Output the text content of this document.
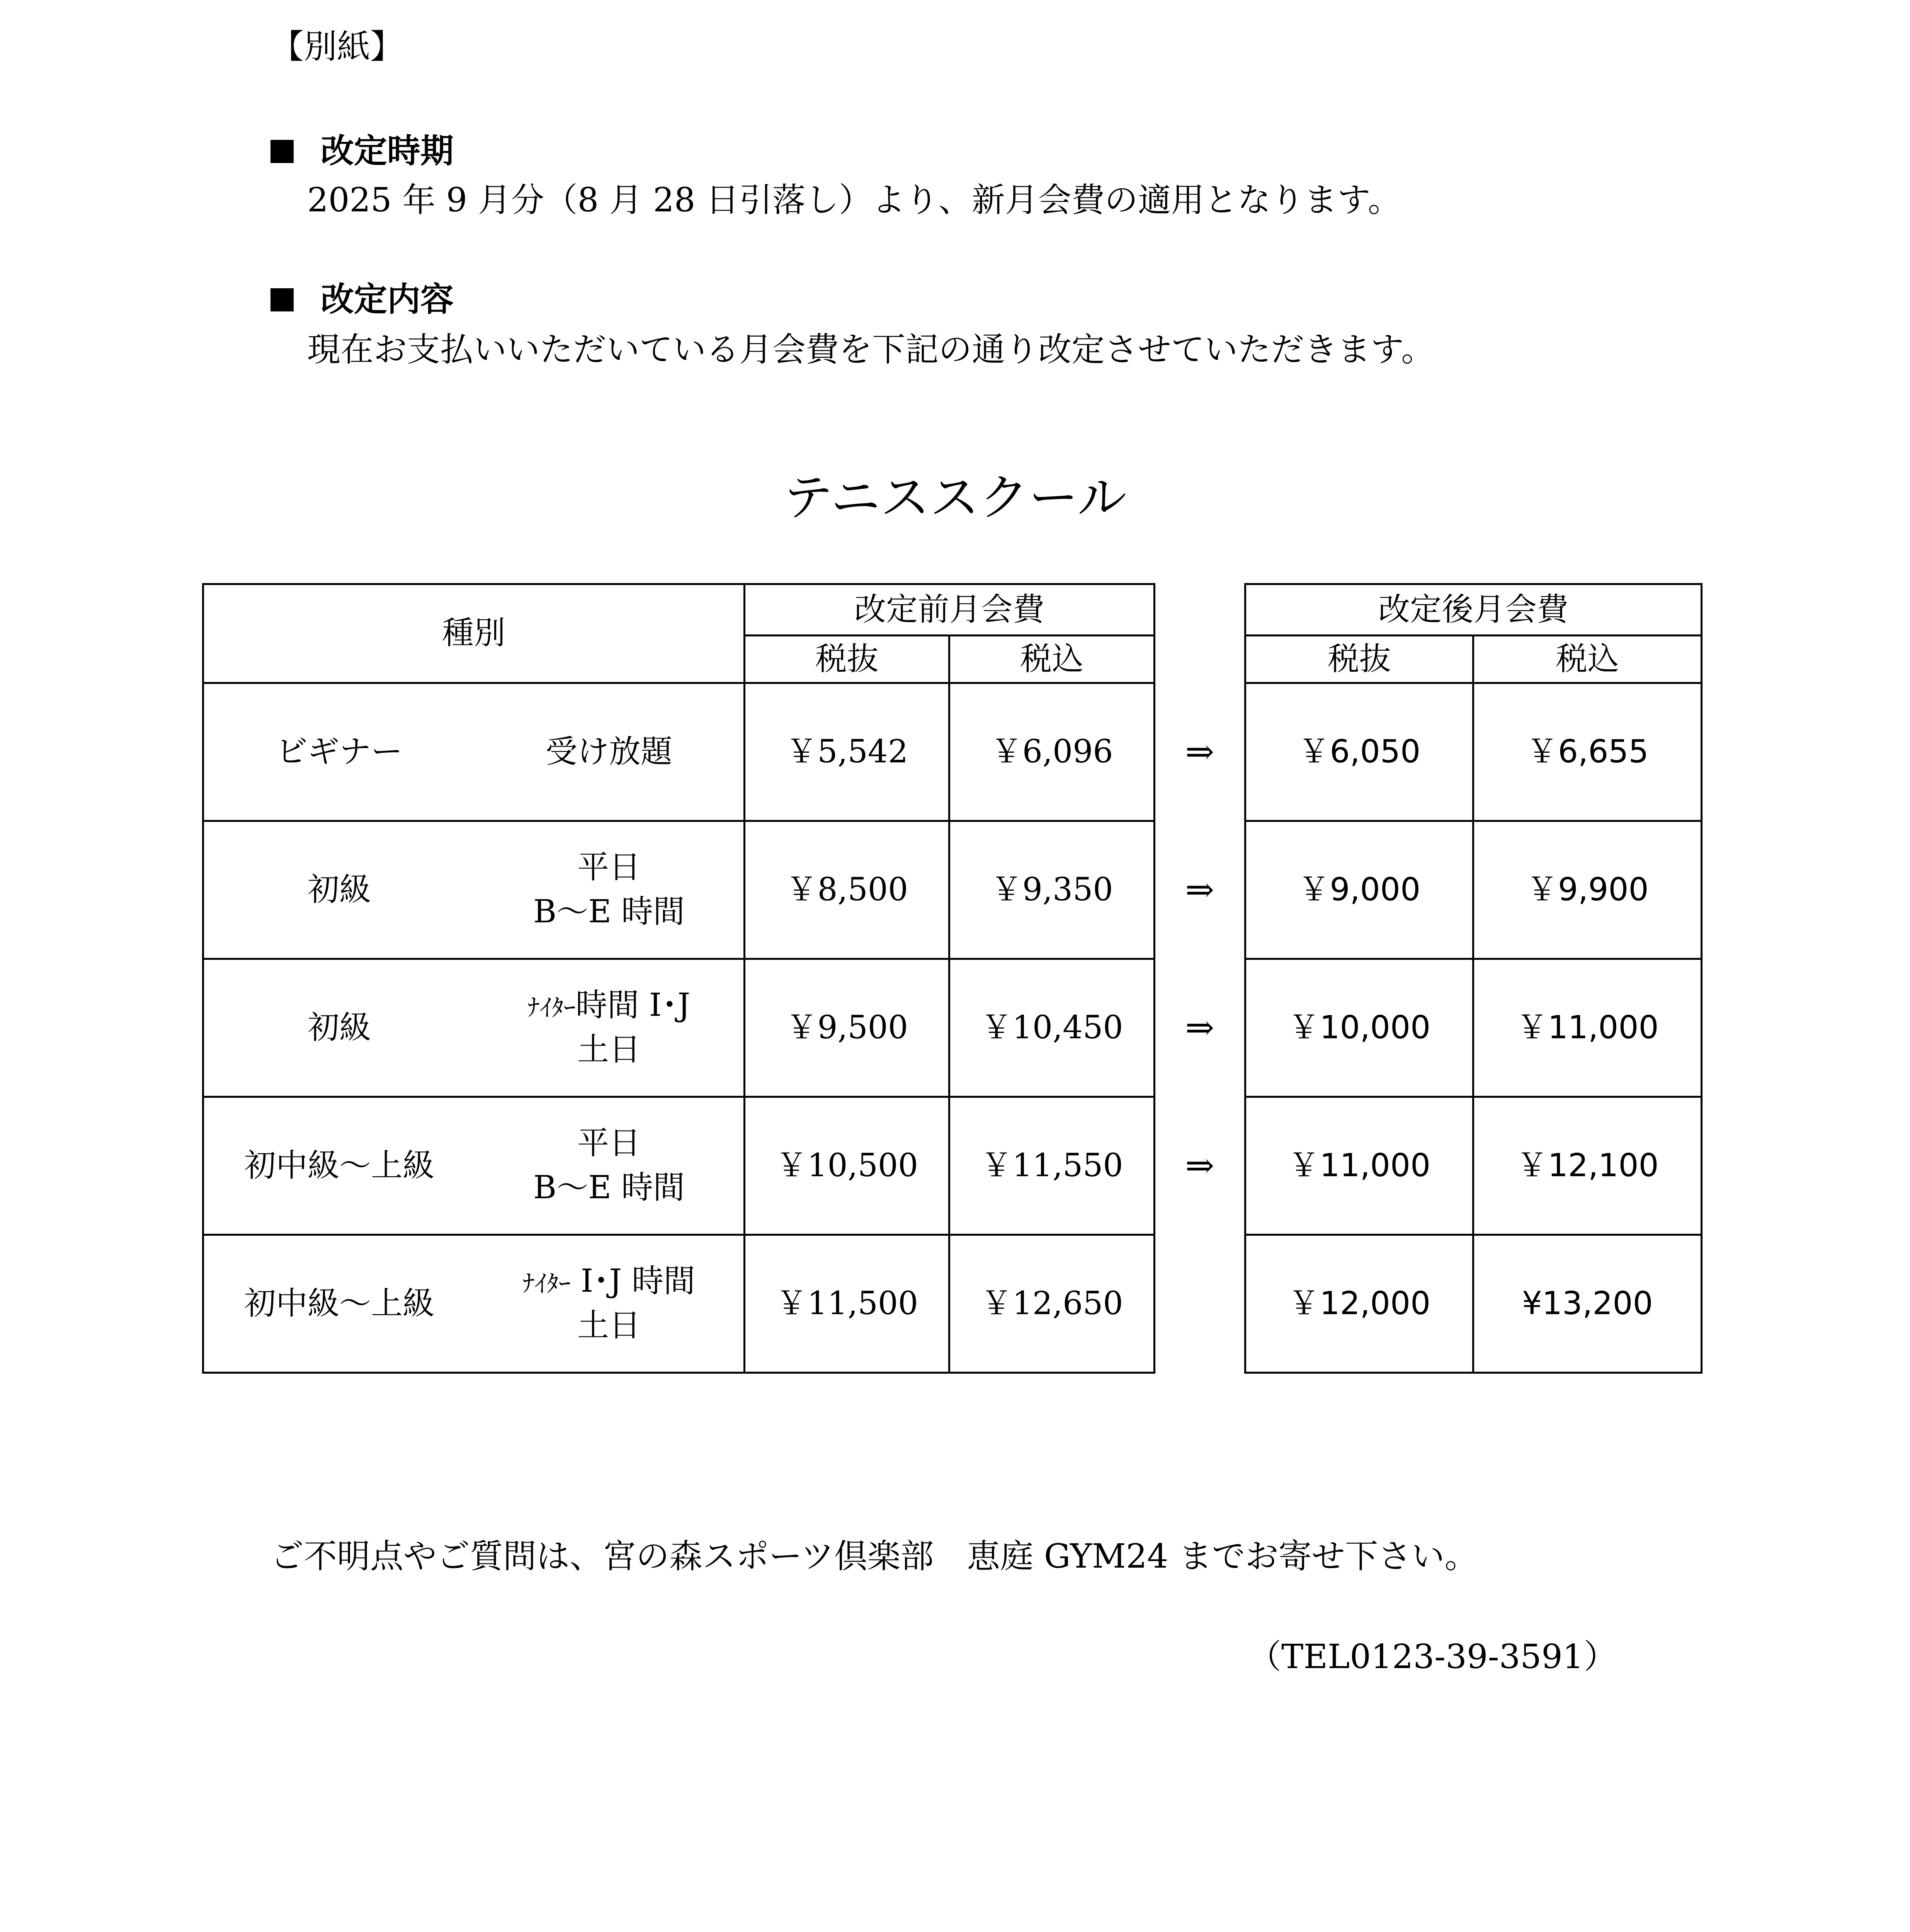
【別紙】
改定時期
2025 年 9 月分（8 月 28 日引落し）より、新月会費の適用となります。
改定内容
現在お支払いいただいている月会費を下記の通り改定させていただきます。
テニススクール
種別	改定前月会費			改定後月会費	
	税抜	税込		税抜	税込

ビギナー 受け放題	￥5,542	￥6,096	⇒	￥6,050	￥6,655

初級
平日
B～E 時間	￥8,500	￥9,350	⇒	￥9,000	￥9,900

初級
ﾅｲﾀｰ時間 I･J
土日	￥9,500	￥10,450	⇒	￥10,000	￥11,000

初中級～上級
平日
B～E 時間	￥10,500	￥11,550	⇒	￥11,000	￥12,100

初中級～上級
ﾅｲﾀｰ I･J 時間
土日	￥11,500	￥12,650		￥12,000	¥13,200
ご不明点やご質問は、宮の森スポーツ倶楽部　恵庭 GYM24 までお寄せ下さい。
（TEL0123-39-3591）
